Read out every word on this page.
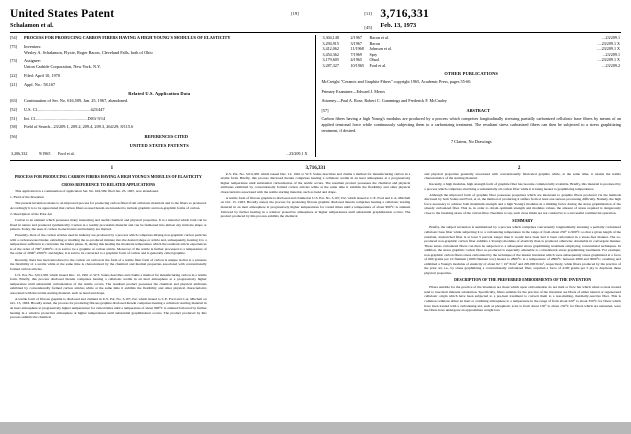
United States Patent
Schalamon et al.
[19]	[11] 3,716,331
[45]	Feb. 13, 1973
[54]	PROCESS FOR PRODUCING CARBON FIBERS HAVING A HIGH YOUNG'S MODULUS OF ELASTICITY
[75]	Inventors:
Wesley A. Schalamon, Flyxie, Roger Bacon, Cleveland Falls, both of Ohio
[73]	Assignee:
Union Carbide Corporation, New York, N.Y.
[22]	Filed: April 10, 1970
[21]	Appl. No.: 58,167
Related U.S. Application Data
[63]	Continuation of Ser. No. 616,509, Jan. 25, 1967, abandoned.
[52]	U.S. Cl..................................................423/447
[51]	Int. Cl.................................................D01f 9/14
[58]	Field of Search...23/209.1, 209.2, 209.4, 209.3, 264/29; 8/115.6
[56]	REFERENCES CITED
UNITED STATES PATENTS
3,206,332	9/1965	Ford et al.	...23/209.1 X
3,304,148	2/1967	Bacon et al.	....23/209.1
3,294,915	3/1967	Bacon	....23/209.1 X
3,412,062	11/1968	Johnson et al.	.....23/209.1 X
3,454,362	7/1969	Spry	...23/209.1
3,179,605	4/1965	Ohsol	....23/209.1 X
3,287,327	10/1965	Ford et al.	....23/209.2
OTHER PUBLICATIONS
McCreight "Ceramic and Graphite Fibers" copyright 1965, Academic Press, pages 55-60.
Primary Examiner—Edward J. Meros
Attorney—Paul A. Rose, Robert C. Cummings and Frederick F. McCauley
[57]	ABSTRACT
Carbon fibers having a high Young's modulus are produced by a process which comprises longitudinally stressing partially carbonized cellulosic base fibers by means of an applied tensional force while continuously subjecting them to a carbonizing treatment. The resultant stress carbonized fibers can then be subjected to a stress graphitizing treatment, if desired.
7 Claims, No Drawings
1	3,716,331	2
PROCESS FOR PRODUCING CARBON FIBERS HAVING A HIGH YOUNG'S MODULUS OF ELASTICITY
CROSS REFERENCE TO RELATED APPLICATIONS

This application is a continuation of application Ser. No. 616,509, filed Jan. 25, 1967, now abandoned.

1. Field of the Invention

The present invention relates to an improved process for producing carbon fibers from cellulosic materials and to the fibers so produced. Accordingly it is to be appreciated that carbon fibers as used herein are intended to include graphitic and non-graphitic forms of carbon.

2. Description of the Prior Art

Carbon is an element which possesses many interesting and useful chemical and physical properties. It is a material which both can be fixed in nature and produced synthetically. Carbon is a readily procurable material and can be fashioned into almost any intricate shape or pattern. Today, the uses of carbon in electronics and industry are myriad.

Presently, most of the carbon articles used in industry are produced by a process which comprises mixing non-graphitic carbon particles with a carbonaceous binder, extruding or molding the so-produced mixture into the desired shape or article and, subsequently, heating it to a temperature sufficient to carbonize the binder phase. If, during this heating the moderate temperature which the resultant article experiences is of the order of 700°-1000°C, it is said to be a graphite of carbon article. Moreover, if the article is further processed to a temperature of the order of 2000°-2500°C and higher, it is said to be converted to a graphitic form of carbon and is generally called graphite.

Recently, there has been introduced to the carbon art carbon in the form of a textile fiber form of carbon is unique in that at a pressure the flexibility of a textile while at the same time is characterized by the chemical and thermal properties associated with conventionally formed carbon articles.

U.S. Pat. No. 3,011,981 which issued Dec. 12, 1961 to W.T. Soltes describes and claims a method for manufacturing carbon in a textile form. Briefly, this process disclosed therein comprises heating a cellulosic textile in an inert atmosphere at a progressively higher temperature until substantial carbonization of the textile occurs. The resultant product possesses the chemical and physical attributes exhibited by conventionally formed carbon articles while at the same time it exhibits the flexibility and other physical characteristics associated with the textile starting material, such as bend and drape.

A textile form of fibrous graphite is disclosed and claimed in U.S. Pat. No. 3,107,152, which issued to C.E. Ford and C.A. Mitchell on Oct. 15, 1963. Broadly stated, the process for producing fibrous graphite disclosed therein comprises heating a cellulosic starting material in an inert atmosphere at progressively higher temperatures for varied times until a temperature of about 900°C is attained followed by further heating in a window protective atmosphere at higher temperatures until substantial graphitization occurs. The product produced by this process exhibits the chemical

U.S. Pat. No. 3,011,981 which issued Dec. 12, 1961 to W.T. Soltes describes and claims a method for manufacturing carbon in a textile form. Briefly, this process disclosed therein comprises heating a cellulosic textile in an inert atmosphere at a progressively higher temperature until substantial carbonization of the textile occurs. The resultant product possesses the chemical and physical attributes exhibited by conventionally formed carbon articles while at the same time it exhibits the flexibility and other physical characteristics associated with the textile starting material, such as bend and drape.

A textile form of fibrous graphite is disclosed and claimed in U.S. Pat. No. 3,107,152, which issued to C.E. Ford and C.A. Mitchell on Oct. 15, 1963. Broadly stated, the process for producing fibrous graphite disclosed therein comprises heating a cellulosic starting material in an inert atmosphere at progressively higher temperatures for varied times until a temperature of about 900°C is attained followed by further heating in a window protective atmosphere at higher temperatures until substantial graphitization occurs. The product produced by this process exhibits the chemical

and physical properties generally associated with conventionally fabricated graphite while, at the same time, it retains the textile characteristics of the starting material.

Recently, a high modulus, high strength form of graphite fiber has become commercially available. Briefly, this material is produced by a process which comprises stretching a substantially all carbon fiber while it is being heated to graphitizing temperatures.

Although the improved form of graphite fiber possesses properties which are intolerant to graphite fibers produced via the methods disclosed by both Soltes and Ford, et al, the method of producing it suffers from at least one serious processing difficulty. Namely, the high force necessary to achieve both maximum strength and a high Young's modulus in a limiting factor during the stress graphitization of the already carbonized fiber. That is, in order to obtain optimum strength and modulus values, the amount of stress required is dangerously close to the breaking stress of the carbon fiber. Needless to say, such close limits are not conducive to a successful commercial operation.

SUMMARY

Briefly, the subject invention is summarized by a process which comprises concurrently longitudinally stressing a partially carbonized cellulosic base fiber while subjecting it to a carbonizing temperature in the range of from about 250° to 900°C so that a given length of the resultant, unstretched fiber is at least 5 percent longer than it would have been had it been carbonized in a stress-free manner. The so-produced non-graphitic carbon fiber exhibits a Young's modulus of elasticity than is produced otherwise obtainable in convergent manner. These stress carbonized fibers can then be subjected to a subsequent stress graphitizing treatment employing conventional techniques. In addition, the stress graphitic carbon fiber so-produced is especially amenable to conventional stress graphitizing treatments. For example, non-graphitic carbon fibers stress carbonized by the technique of the instant invention which were subsequently stress graphitized at a force of 600 grams per 10 filament (1000 filament tow) heated to 2800°C at a temperature of 2800°C between 2800 and 3000°C, resulting and exhibited a Young's modulus of elasticity of about 62 × 10⁶ lb/in² and 295,000 lb/in², respectively, while fibers produced by the practice of the prior art, i.e., by stress graphitizing a conventionally carbonized fiber, acquired a force of 4100 grams per 5 ply to duplicate these physical properties.

DESCRIPTION OF THE PREFERRED EMBODIMENTS OF THE INVENTION

Fibers suitable for the practice of the invention are those which upon carbonization do not melt or flow but which when so heat treated tend to lose their inherent orientation. Specifically, fibers suitable for the practice of the invention are fibers of either natural or regenerated cellulosic origin which have been subjected to a pre-heat treatment to convert them to a non-melting, thermally-reactive fiber. This is common cellulose either an inert or oxidizing atmosphere to a temperature in the range of from about 220° to about 350°C for fibers which have been treated with a carbonizing aid, such as phosphoric acid, to from about 150° to about 150°C for fibers which are untreated, were the fibers have undergone an approximate weight loss
